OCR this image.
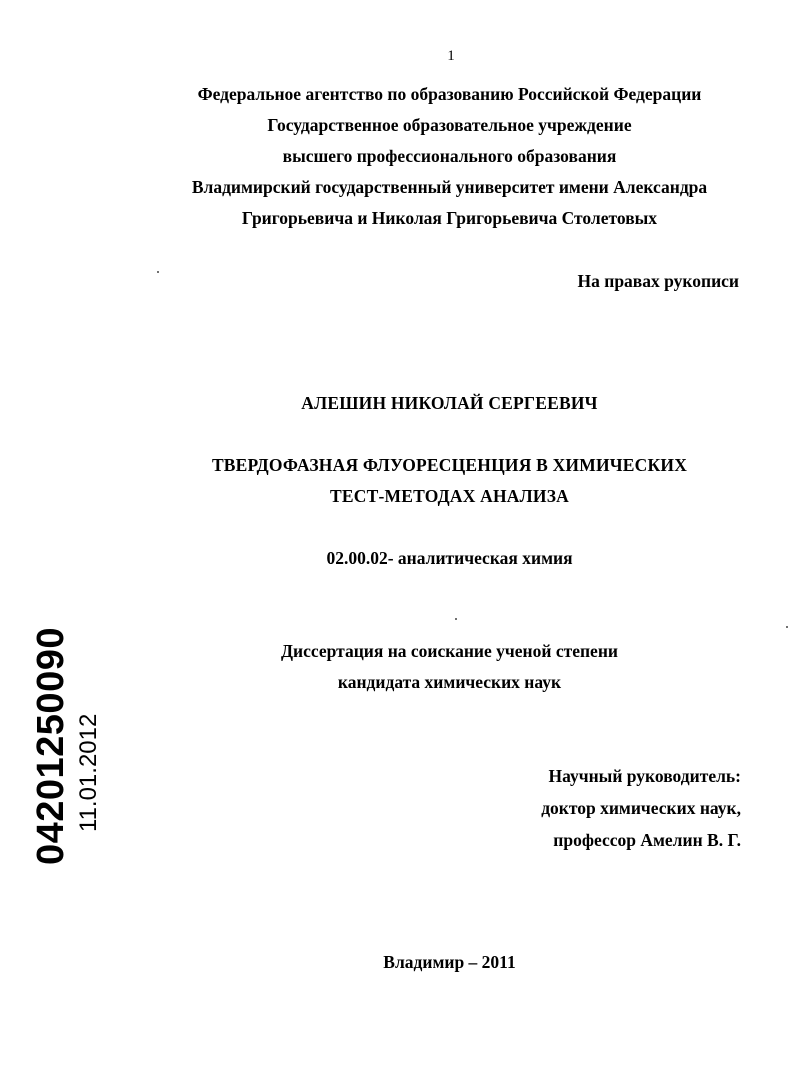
1
Федеральное агентство по образованию Российской Федерации
Государственное образовательное учреждение
высшего профессионального образования
Владимирский государственный университет имени Александра
Григорьевича и Николая Григорьевича Столетовых
На правах рукописи
АЛЕШИН НИКОЛАЙ СЕРГЕЕВИЧ
ТВЕРДОФАЗНАЯ ФЛУОРЕСЦЕНЦИЯ В ХИМИЧЕСКИХ
ТЕСТ-МЕТОДАХ АНАЛИЗА
02.00.02- аналитическая химия
Диссертация на соискание ученой степени
кандидата химических наук
Научный руководитель:
доктор химических наук,
профессор Амелин В. Г.
Владимир – 2011
04201250090 11.01.2012
